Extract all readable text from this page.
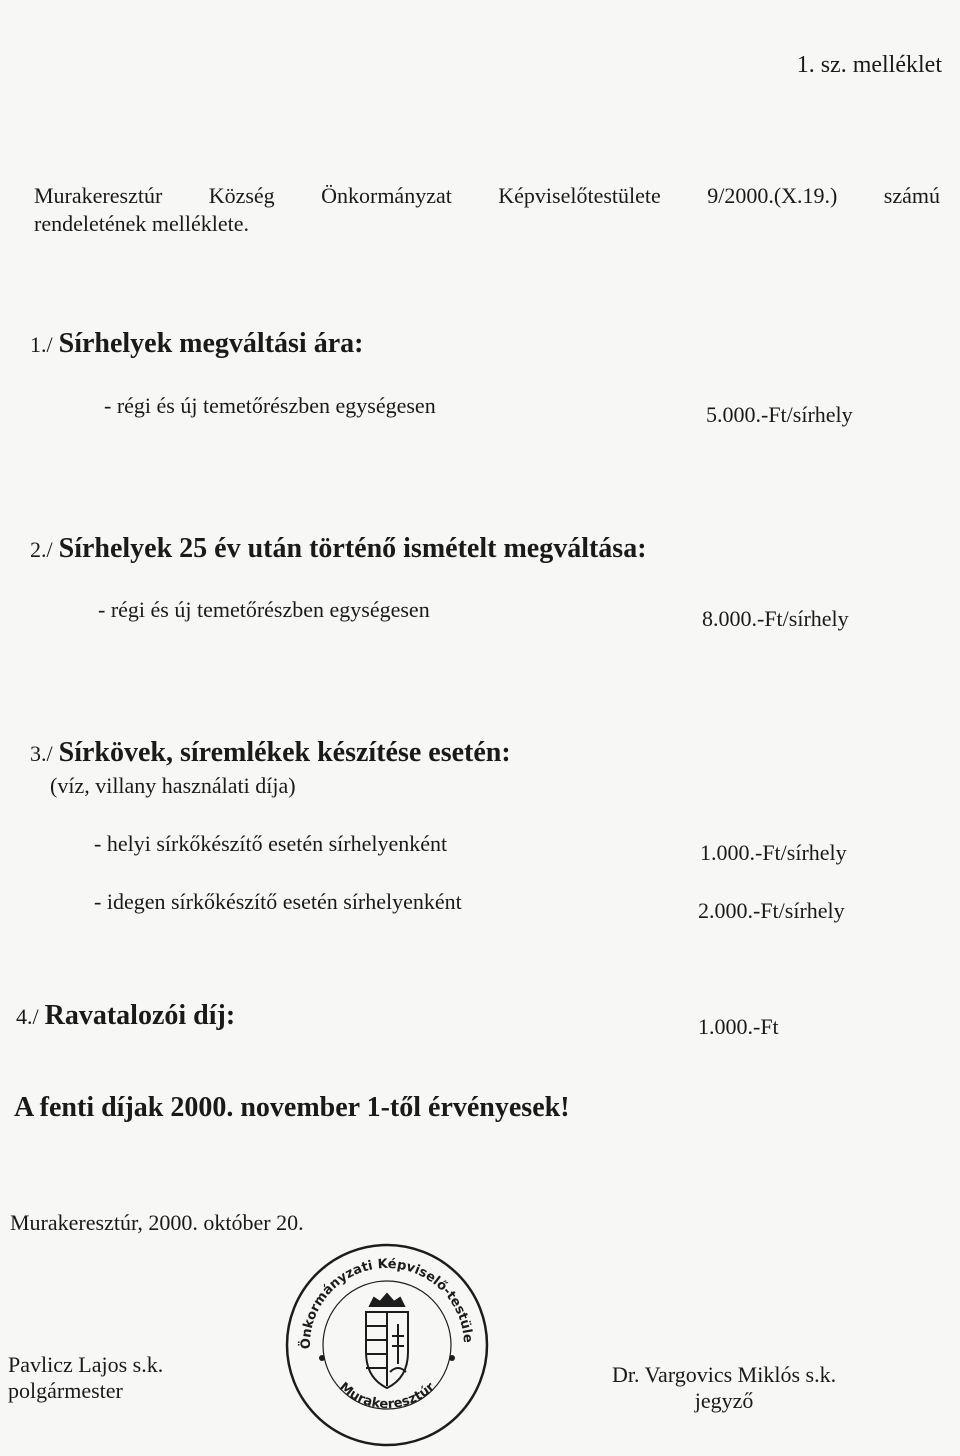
1. sz. melléklet
Murakeresztúr Község Önkormányzat Képviselőtestülete 9/2000.(X.19.) számú
rendeletének melléklete.
1./ Sírhelyek megváltási ára:
- régi és új temetőrészben egységesen	5.000.-Ft/sírhely
2./ Sírhelyek 25 év után történő ismételt megváltása:
- régi és új temetőrészben egységesen	8.000.-Ft/sírhely
3./ Sírkövek, síremlékek készítése esetén:
(víz, villany használati díja)
- helyi sírkőkészítő esetén sírhelyenként	1.000.-Ft/sírhely
- idegen sírkőkészítő esetén sírhelyenként	2.000.-Ft/sírhely
4./ Ravatalozói díj:	1.000.-Ft
A fenti díjak 2000. november 1-től érvényesek!
Murakeresztúr, 2000. október 20.
Önkormányzati Képviselő-testüle
Murakeresztúr
Pavlicz Lajos s.k.
polgármester
Dr. Vargovics Miklós s.k.
jegyző
